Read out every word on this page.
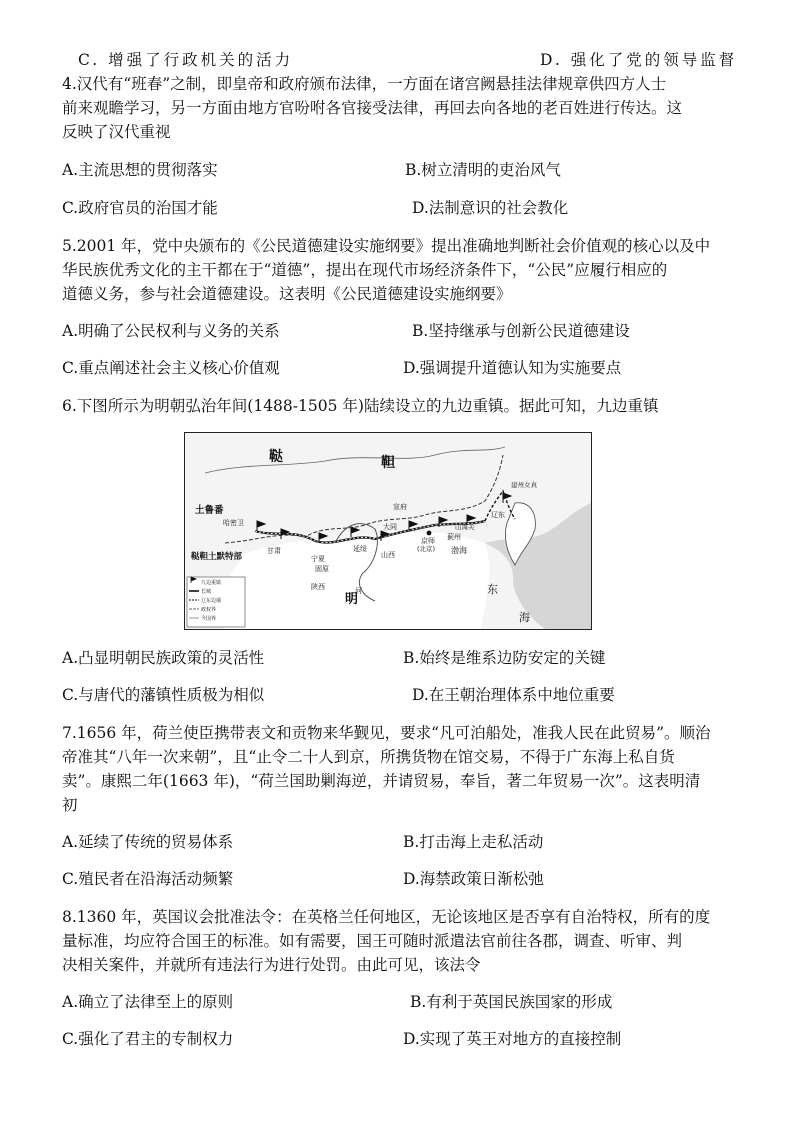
C. 增强了行政机关的活力	D. 强化了党的领导监督
4.汉代有“班春”之制，即皇帝和政府颁布法律，一方面在诸宫阙悬挂法律规章供四方人士
前来观瞻学习，另一方面由地方官吩咐各官接受法律，再回去向各地的老百姓进行传达。这
反映了汉代重视
A.主流思想的贯彻落实	B.树立清明的吏治风气
C.政府官员的治国才能	D.法制意识的社会教化
5.2001 年，党中央颁布的《公民道德建设实施纲要》提出准确地判断社会价值观的核心以及中
华民族优秀文化的主干都在于“道德”，提出在现代市场经济条件下，“公民”应履行相应的
道德义务，参与社会道德建设。这表明《公民道德建设实施纲要》
A.明确了公民权利与义务的关系	B.坚持继承与创新公民道德建设
C.重点阐述社会主义核心价值观	D.强调提升道德认知为实施要点
6.下图所示为明朝弘治年间(1488-1505 年)陆续设立的九边重镇。据此可知，九边重镇
鞑	靼
土鲁番
哈密卫
鞑靼土默特部
甘肃
宁夏
陕西
固原
延绥
山西
大同
宣府
京师
(北京)
蓟州
山海关
渤海
辽东
建州女真
河
明
东
海
九边重镇
长城
辽东边墙
政权界
今国界
A.凸显明朝民族政策的灵活性	B.始终是维系边防安定的关键
C.与唐代的藩镇性质极为相似	D.在王朝治理体系中地位重要
7.1656 年，荷兰使臣携带表文和贡物来华觐见，要求“凡可泊船处，准我人民在此贸易”。顺治
帝准其“八年一次来朝”，且“止令二十人到京，所携货物在馆交易，不得于广东海上私自货
卖”。康熙二年(1663 年)，“荷兰国助剿海逆，并请贸易，奉旨，著二年贸易一次”。这表明清
初
A.延续了传统的贸易体系	B.打击海上走私活动
C.殖民者在沿海活动频繁	D.海禁政策日渐松弛
8.1360 年，英国议会批准法令：在英格兰任何地区，无论该地区是否享有自治特权，所有的度
量标准，均应符合国王的标准。如有需要，国王可随时派遣法官前往各郡，调查、听审、判
决相关案件，并就所有违法行为进行处罚。由此可见，该法令
A.确立了法律至上的原则	B.有利于英国民族国家的形成
C.强化了君主的专制权力	D.实现了英王对地方的直接控制
